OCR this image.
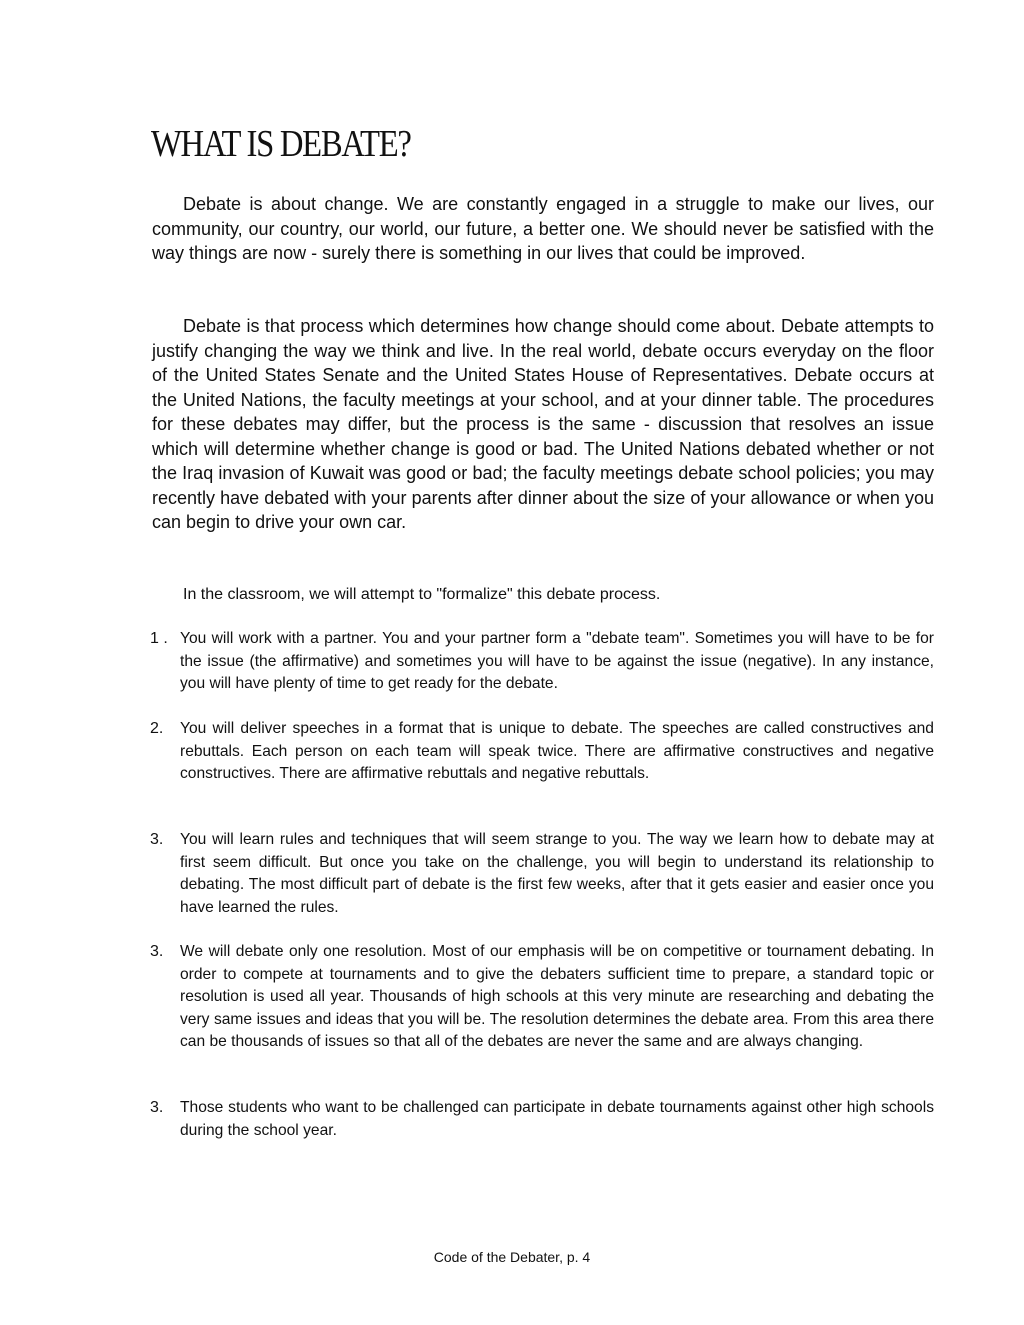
WHAT IS DEBATE?

Debate is about change. We are constantly engaged in a struggle to make our lives, our community, our country, our world, our future, a better one. We should never be satisfied with the way things are now - surely there is something in our lives that could be improved.

Debate is that process which determines how change should come about. Debate attempts to justify changing the way we think and live. In the real world, debate occurs everyday on the floor of the United States Senate and the United States House of Representatives. Debate occurs at the United Nations, the faculty meetings at your school, and at your dinner table. The procedures for these debates may differ, but the process is the same - discussion that resolves an issue which will determine whether change is good or bad. The United Nations debated whether or not the Iraq invasion of Kuwait was good or bad; the faculty meetings debate school policies; you may recently have debated with your parents after dinner about the size of your allowance or when you can begin to drive your own car.

In the classroom, we will attempt to "formalize" this debate process.

1 . You will work with a partner. You and your partner form a "debate team". Sometimes you will have to be for the issue (the affirmative) and sometimes you will have to be against the issue (negative). In any instance, you will have plenty of time to get ready for the debate.

2. You will deliver speeches in a format that is unique to debate. The speeches are called constructives and rebuttals. Each person on each team will speak twice. There are affirmative constructives and negative constructives. There are affirmative rebuttals and negative rebuttals.

3. You will learn rules and techniques that will seem strange to you. The way we learn how to debate may at first seem difficult. But once you take on the challenge, you will begin to understand its relationship to debating. The most difficult part of debate is the first few weeks, after that it gets easier and easier once you have learned the rules.

3. We will debate only one resolution. Most of our emphasis will be on competitive or tournament debating. In order to compete at tournaments and to give the debaters sufficient time to prepare, a standard topic or resolution is used all year. Thousands of high schools at this very minute are researching and debating the very same issues and ideas that you will be. The resolution determines the debate area. From this area there can be thousands of issues so that all of the debates are never the same and are always changing.

3. Those students who want to be challenged can participate in debate tournaments against other high schools during the school year.

Code of the Debater, p. 4
